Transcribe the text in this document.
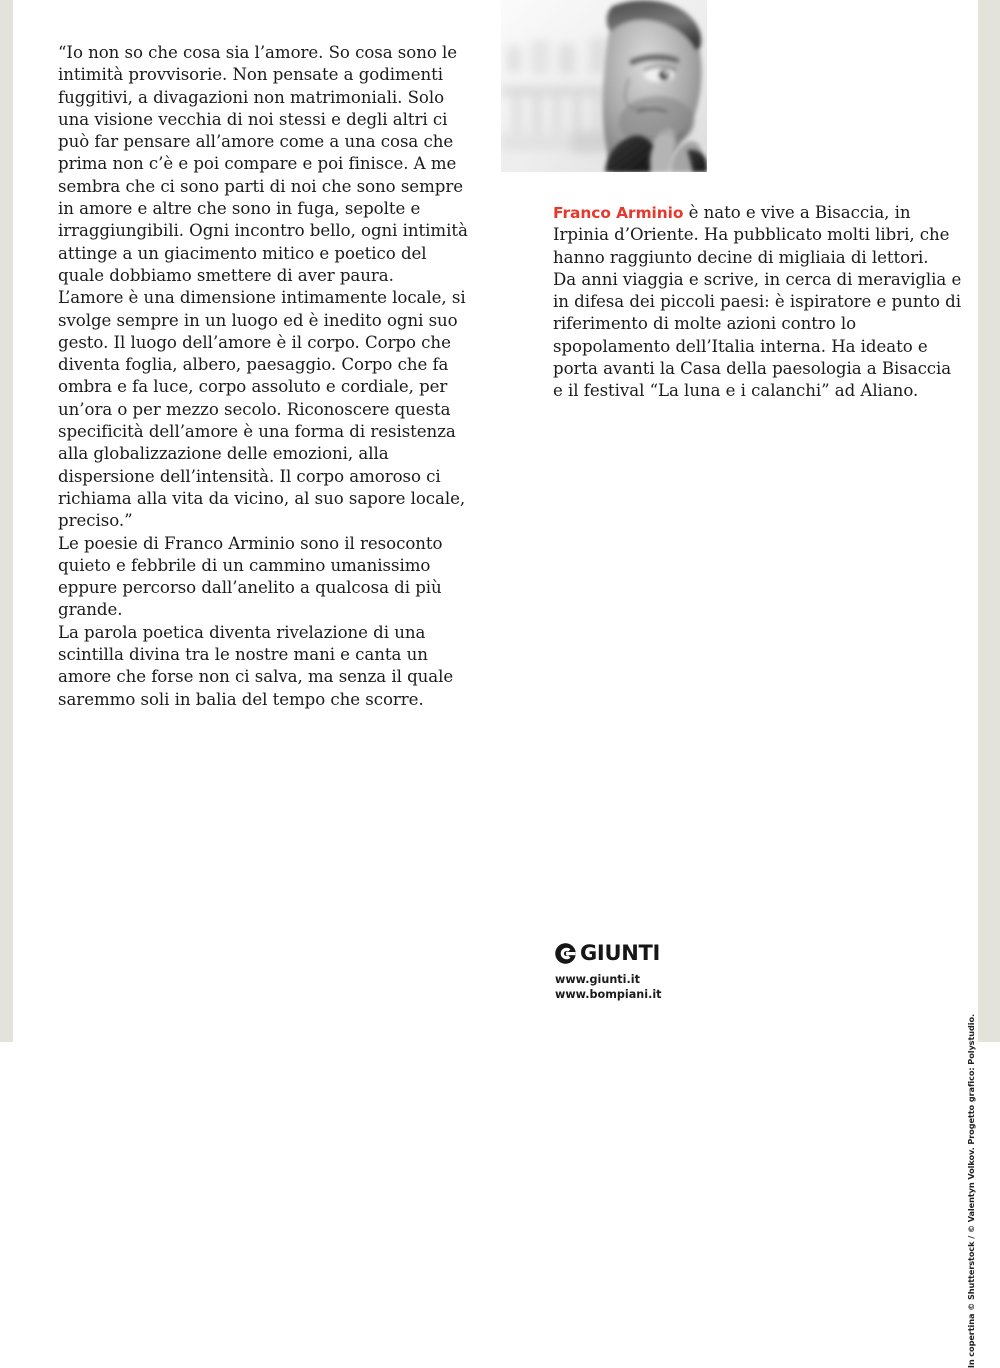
“Io non so che cosa sia l’amore. So cosa sono le intimità provvisorie. Non pensate a godimenti fuggitivi, a divagazioni non matrimoniali. Solo una visione vecchia di noi stessi e degli altri ci può far pensare all’amore come a una cosa che prima non c’è e poi compare e poi finisce. A me sembra che ci sono parti di noi che sono sempre in amore e altre che sono in fuga, sepolte e irraggiungibili. Ogni incontro bello, ogni intimità attinge a un giacimento mitico e poetico del quale dobbiamo smettere di aver paura.

L’amore è una dimensione intimamente locale, si svolge sempre in un luogo ed è inedito ogni suo gesto. Il luogo dell’amore è il corpo. Corpo che diventa foglia, albero, paesaggio. Corpo che fa ombra e fa luce, corpo assoluto e cordiale, per un’ora o per mezzo secolo. Riconoscere questa specificità dell’amore è una forma di resistenza alla globalizzazione delle emozioni, alla dispersione dell’intensità. Il corpo amoroso ci richiama alla vita da vicino, al suo sapore locale, preciso.”

Le poesie di Franco Arminio sono il resoconto quieto e febbrile di un cammino umanissimo eppure percorso dall’anelito a qualcosa di più grande.

La parola poetica diventa rivelazione di una scintilla divina tra le nostre mani e canta un amore che forse non ci salva, ma senza il quale saremmo soli in balia del tempo che scorre.

Franco Arminio è nato e vive a Bisaccia, in Irpinia d’Oriente. Ha pubblicato molti libri, che hanno raggiunto decine di migliaia di lettori.

Da anni viaggia e scrive, in cerca di meraviglia e in difesa dei piccoli paesi: è ispiratore e punto di riferimento di molte azioni contro lo spopolamento dell’Italia interna. Ha ideato e porta avanti la Casa della paesologia a Bisaccia e il festival “La luna e i calanchi” ad Aliano.

GIUNTI
www.giunti.it
www.bompiani.it
In copertina © Shutterstock / © Valentyn Volkov. Progetto grafico: Polystudio.
